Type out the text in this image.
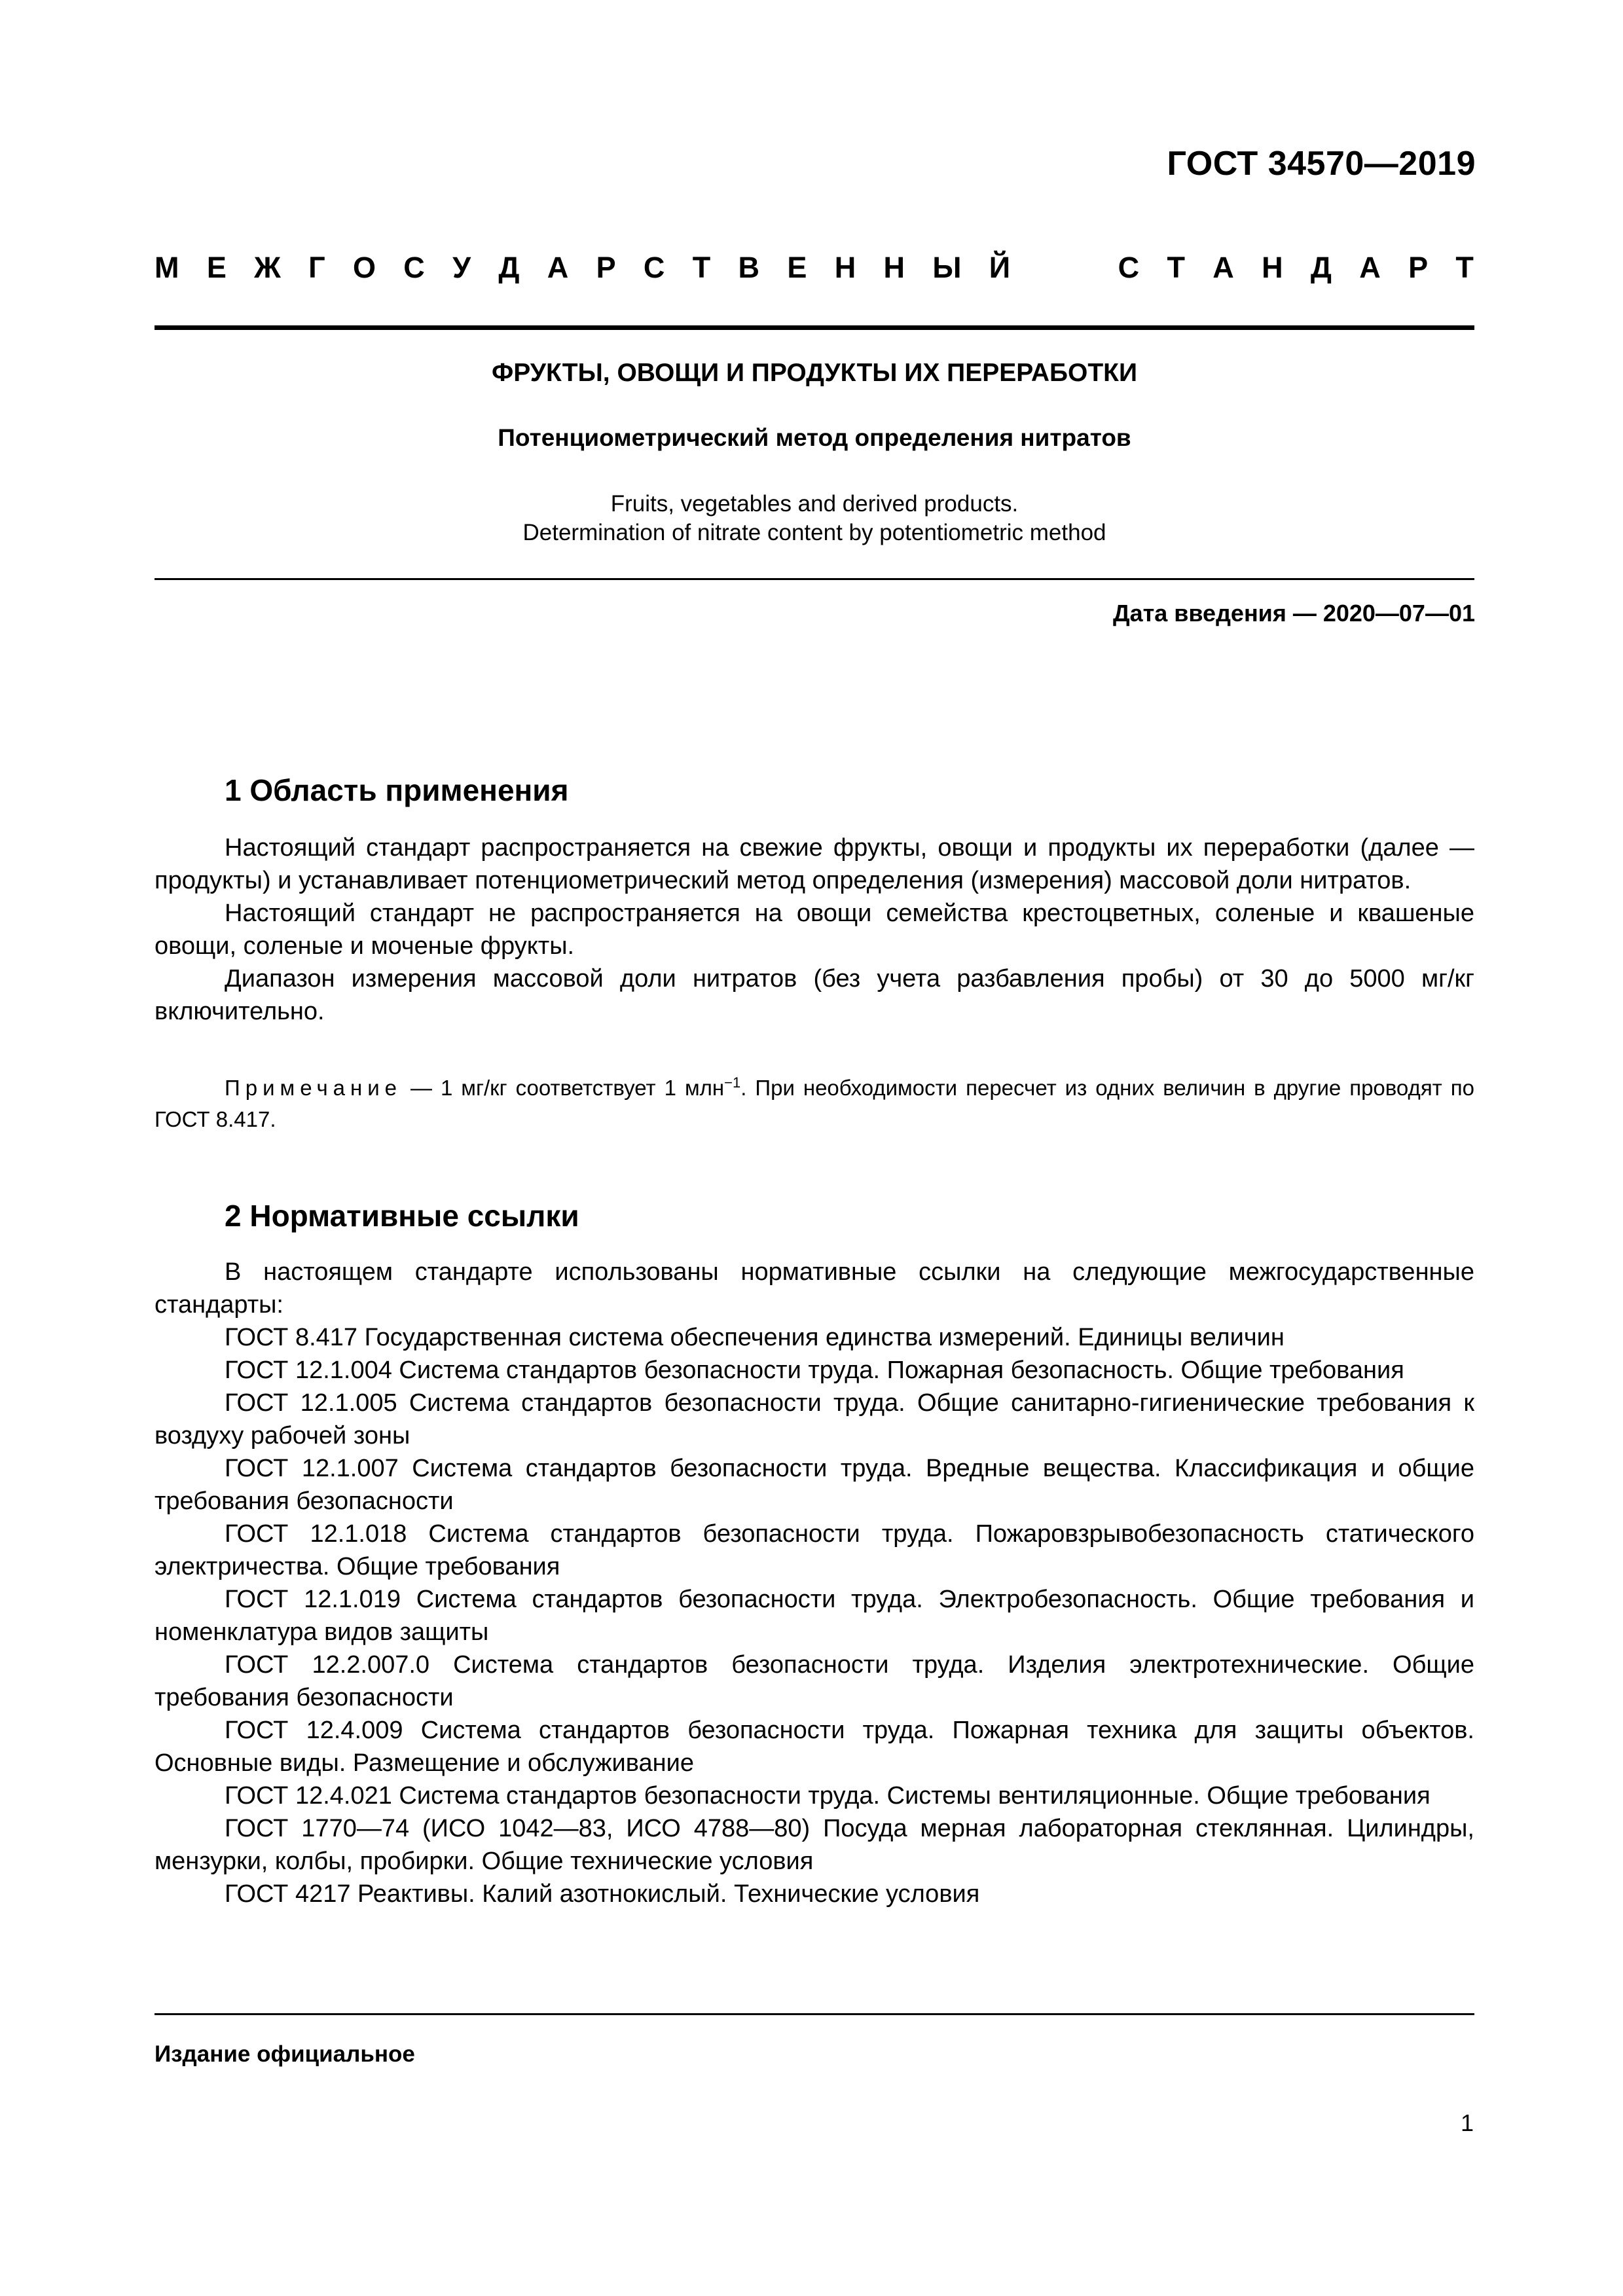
ГОСТ 34570—2019
М Е Ж Г О С У Д А Р С Т В Е Н Н Ы Й	С Т А Н Д А Р Т
ФРУКТЫ, ОВОЩИ И ПРОДУКТЫ ИХ ПЕРЕРАБОТКИ
Потенциометрический метод определения нитратов
Fruits, vegetables and derived products.
Determination of nitrate content by potentiometric method
Дата введения — 2020—07—01
1 Область применения

Настоящий стандарт распространяется на свежие фрукты, овощи и продукты их переработки (далее — продукты) и устанавливает потенциометрический метод определения (измерения) массовой доли нитратов.

Настоящий стандарт не распространяется на овощи семейства крестоцветных, соленые и квашеные овощи, соленые и моченые фрукты.

Диапазон измерения массовой доли нитратов (без учета разбавления пробы) от 30 до 5000 мг/кг включительно.

Примечание — 1 мг/кг соответствует 1 млн$^{-1}$. При необходимости пересчет из одних величин в другие проводят по ГОСТ 8.417.
2 Нормативные ссылки

В настоящем стандарте использованы нормативные ссылки на следующие межгосударственные стандарты:

ГОСТ 8.417 Государственная система обеспечения единства измерений. Единицы величин

ГОСТ 12.1.004 Система стандартов безопасности труда. Пожарная безопасность. Общие требования

ГОСТ 12.1.005 Система стандартов безопасности труда. Общие санитарно-гигиенические требования к воздуху рабочей зоны

ГОСТ 12.1.007 Система стандартов безопасности труда. Вредные вещества. Классификация и общие требования безопасности

ГОСТ 12.1.018 Система стандартов безопасности труда. Пожаровзрывобезопасность статического электричества. Общие требования

ГОСТ 12.1.019 Система стандартов безопасности труда. Электробезопасность. Общие требования и номенклатура видов защиты

ГОСТ 12.2.007.0 Система стандартов безопасности труда. Изделия электротехнические. Общие требования безопасности

ГОСТ 12.4.009 Система стандартов безопасности труда. Пожарная техника для защиты объектов. Основные виды. Размещение и обслуживание

ГОСТ 12.4.021 Система стандартов безопасности труда. Системы вентиляционные. Общие требования

ГОСТ 1770—74 (ИСО 1042—83, ИСО 4788—80) Посуда мерная лабораторная стеклянная. Цилиндры, мензурки, колбы, пробирки. Общие технические условия

ГОСТ 4217 Реактивы. Калий азотнокислый. Технические условия

Издание официальное
1
